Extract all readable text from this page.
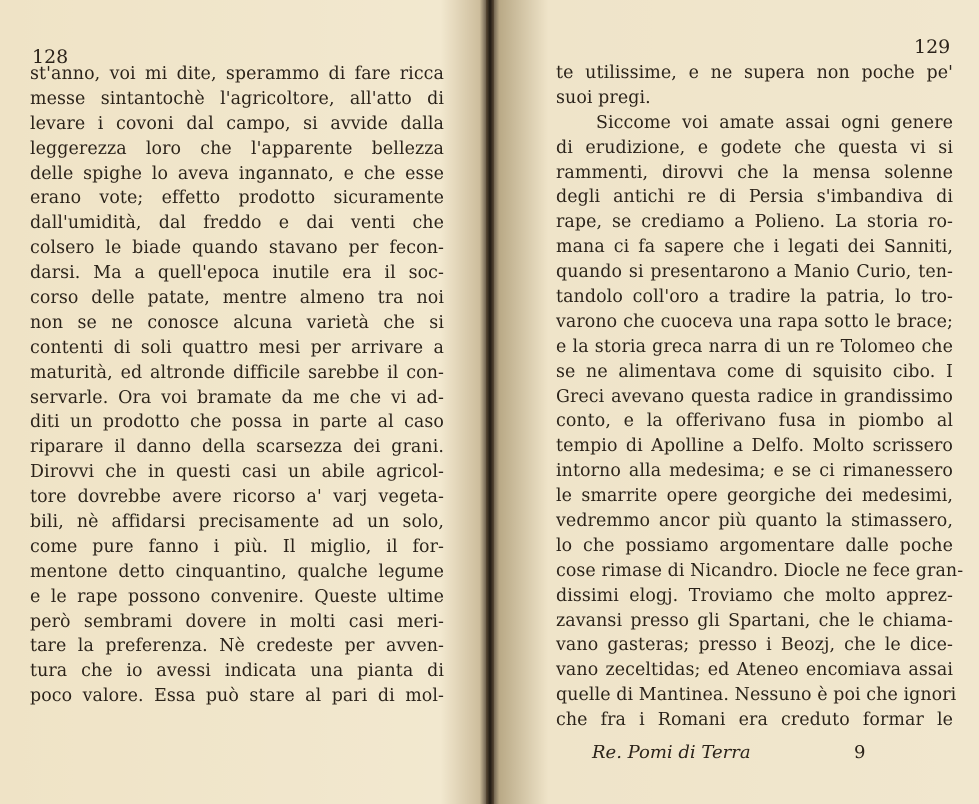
128
st'anno, voi mi dite, sperammo di fare ricca
messe sintantochè l'agricoltore, all'atto di
levare i covoni dal campo, si avvide dalla
leggerezza loro che l'apparente bellezza
delle spighe lo aveva ingannato, e che esse
erano vote; effetto prodotto sicuramente
dall'umidità, dal freddo e dai venti che
colsero le biade quando stavano per fecon-
darsi. Ma a quell'epoca inutile era il soc-
corso delle patate, mentre almeno tra noi
non se ne conosce alcuna varietà che si
contenti di soli quattro mesi per arrivare a
maturità, ed altronde difficile sarebbe il con-
servarle. Ora voi bramate da me che vi ad-
diti un prodotto che possa in parte al caso
riparare il danno della scarsezza dei grani.
Dirovvi che in questi casi un abile agricol-
tore dovrebbe avere ricorso a' varj vegeta-
bili, nè affidarsi precisamente ad un solo,
come pure fanno i più. Il miglio, il for-
mentone detto cinquantino, qualche legume
e le rape possono convenire. Queste ultime
però sembrami dovere in molti casi meri-
tare la preferenza. Nè credeste per avven-
tura che io avessi indicata una pianta di
poco valore. Essa può stare al pari di mol-
129
te utilissime, e ne supera non poche pe'
suoi pregi.
Siccome voi amate assai ogni genere
di erudizione, e godete che questa vi si
rammenti, dirovvi che la mensa solenne
degli antichi re di Persia s'imbandiva di
rape, se crediamo a Polieno. La storia ro-
mana ci fa sapere che i legati dei Sanniti,
quando si presentarono a Manio Curio, ten-
tandolo coll'oro a tradire la patria, lo tro-
varono che cuoceva una rapa sotto le brace;
e la storia greca narra di un re Tolomeo che
se ne alimentava come di squisito cibo. I
Greci avevano questa radice in grandissimo
conto, e la offerivano fusa in piombo al
tempio di Apolline a Delfo. Molto scrissero
intorno alla medesima; e se ci rimanessero
le smarrite opere georgiche dei medesimi,
vedremmo ancor più quanto la stimassero,
lo che possiamo argomentare dalle poche
cose rimase di Nicandro. Diocle ne fece gran-
dissimi elogj. Troviamo che molto apprez-
zavansi presso gli Spartani, che le chiama-
vano gasteras; presso i Beozj, che le dice-
vano zeceltidas; ed Ateneo encomiava assai
quelle di Mantinea. Nessuno è poi che ignori
che fra i Romani era creduto formar le
Re. Pomi di Terra	9
